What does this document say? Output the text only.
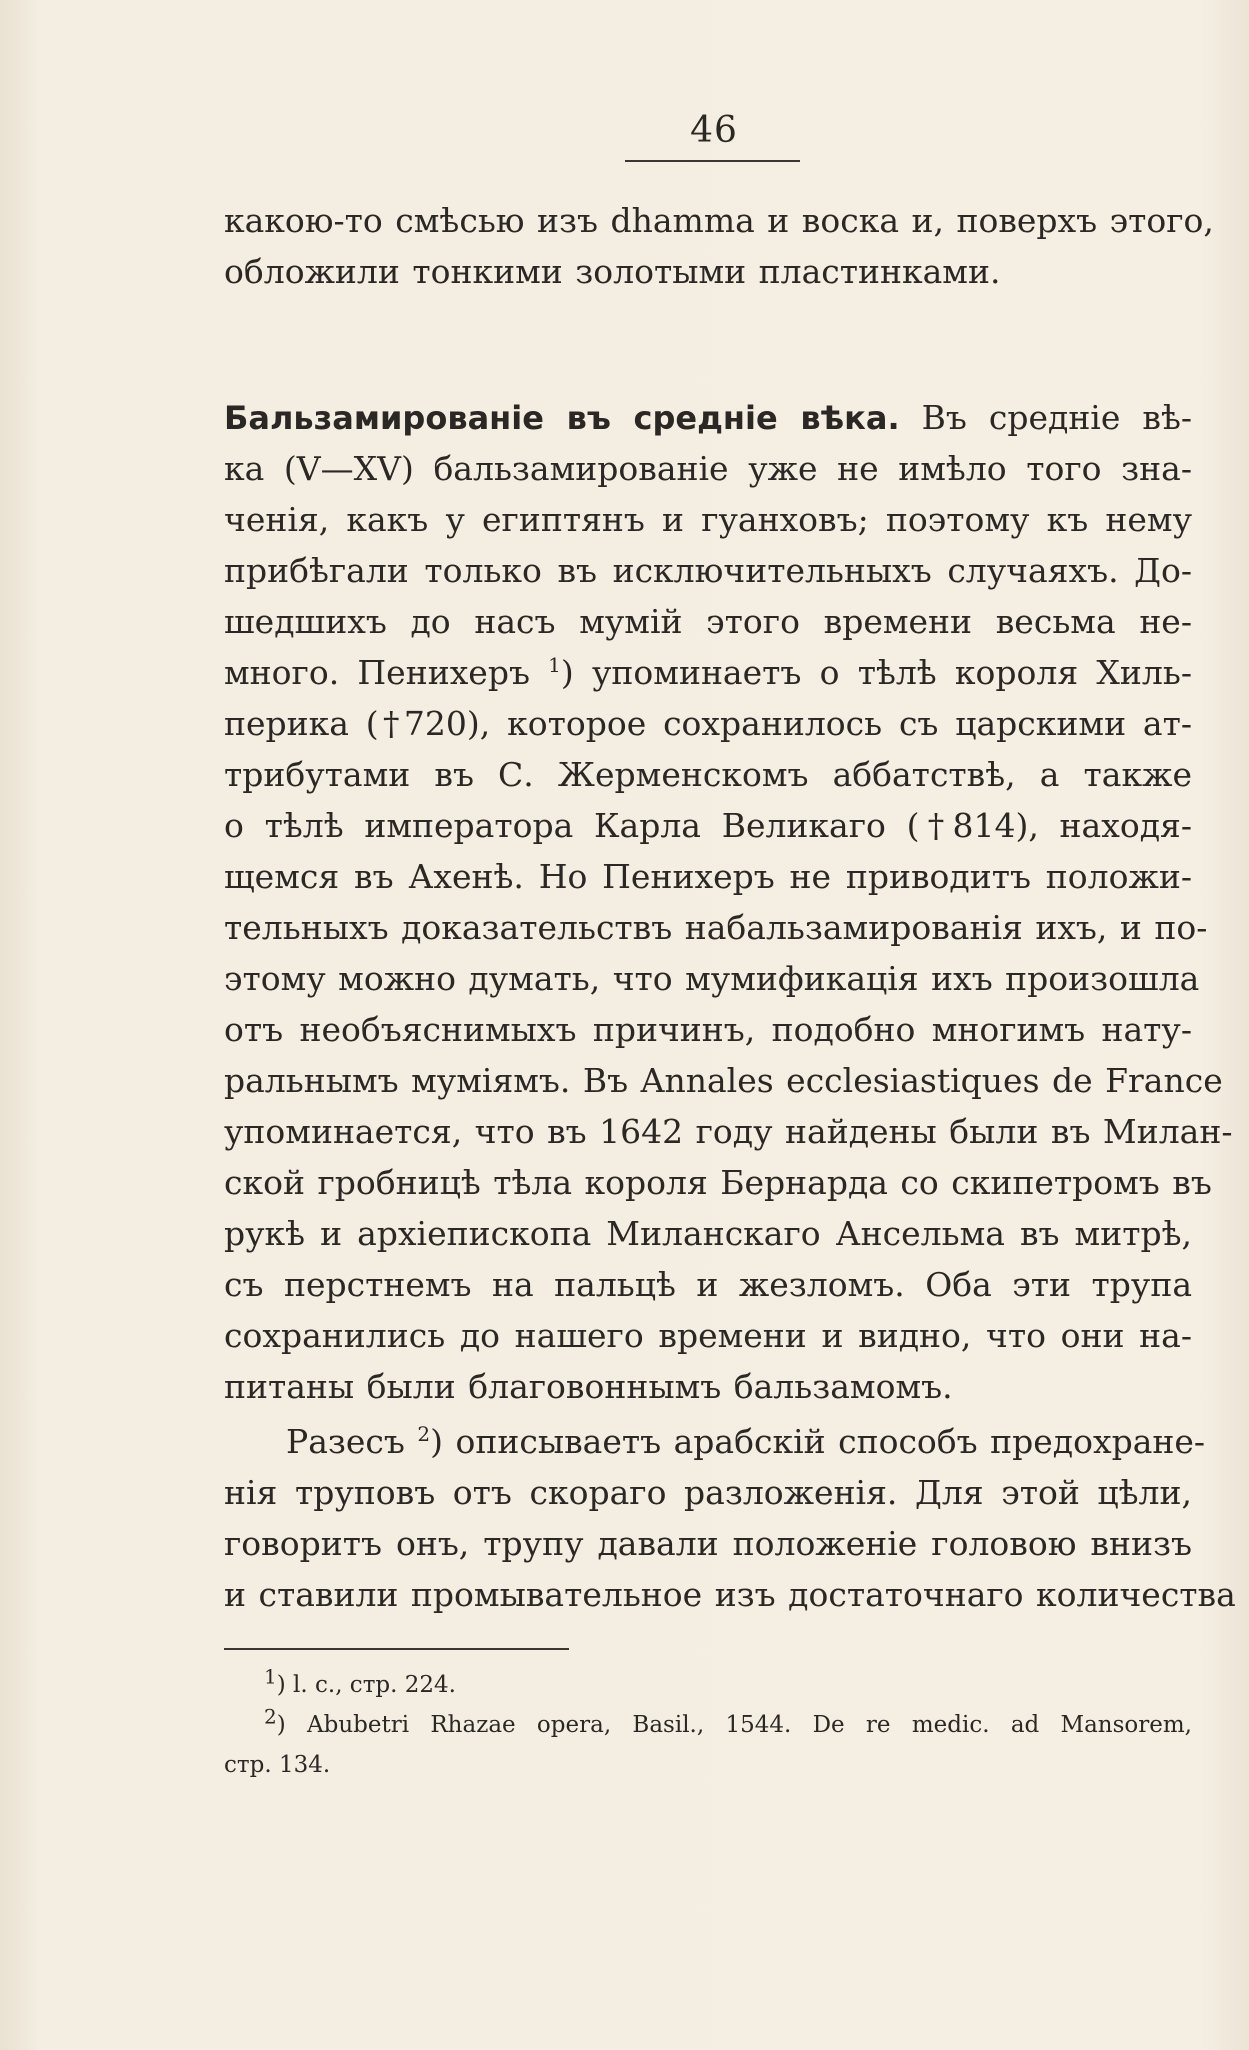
46
какою-то смѣсью изъ dhamma и воска и, поверхъ этого,
обложили тонкими золотыми пластинками.
Бальзамированіе въ средніе вѣка. Въ средніе вѣ-
ка (V—XV) бальзамированіе уже не имѣло того зна-
ченія, какъ у египтянъ и гуанховъ; поэтому къ нему
прибѣгали только въ исключительныхъ случаяхъ. До-
шедшихъ до насъ мумій этого времени весьма не-
много. Пенихеръ $^1$) упоминаетъ о тѣлѣ короля Хиль-
перика (†720), которое сохранилось съ царскими ат-
трибутами въ С. Жерменскомъ аббатствѣ, а также
о тѣлѣ императора Карла Великаго (†814), находя-
щемся въ Ахенѣ. Но Пенихеръ не приводитъ положи-
тельныхъ доказательствъ набальзамированія ихъ, и по-
этому можно думать, что мумификація ихъ произошла
отъ необъяснимыхъ причинъ, подобно многимъ нату-
ральнымъ муміямъ. Въ Annales ecclesiastiques de France
упоминается, что въ 1642 году найдены были въ Милан-
ской гробницѣ тѣла короля Бернарда со скипетромъ въ
рукѣ и архіепископа Миланскаго Ансельма въ митрѣ,
съ перстнемъ на пальцѣ и жезломъ. Оба эти трупа
сохранились до нашего времени и видно, что они на-
питаны были благовоннымъ бальзамомъ.
Разесъ $^2$) описываетъ арабскій способъ предохране-
нія труповъ отъ скораго разложенія. Для этой цѣли,
говоритъ онъ, трупу давали положеніе головою внизъ
и ставили промывательное изъ достаточнаго количества
$^1$) l. c., стр. 224.
$^2$) Abubetri Rhazae opera, Basil., 1544. De re medic. ad Mansorem,
стр. 134.
